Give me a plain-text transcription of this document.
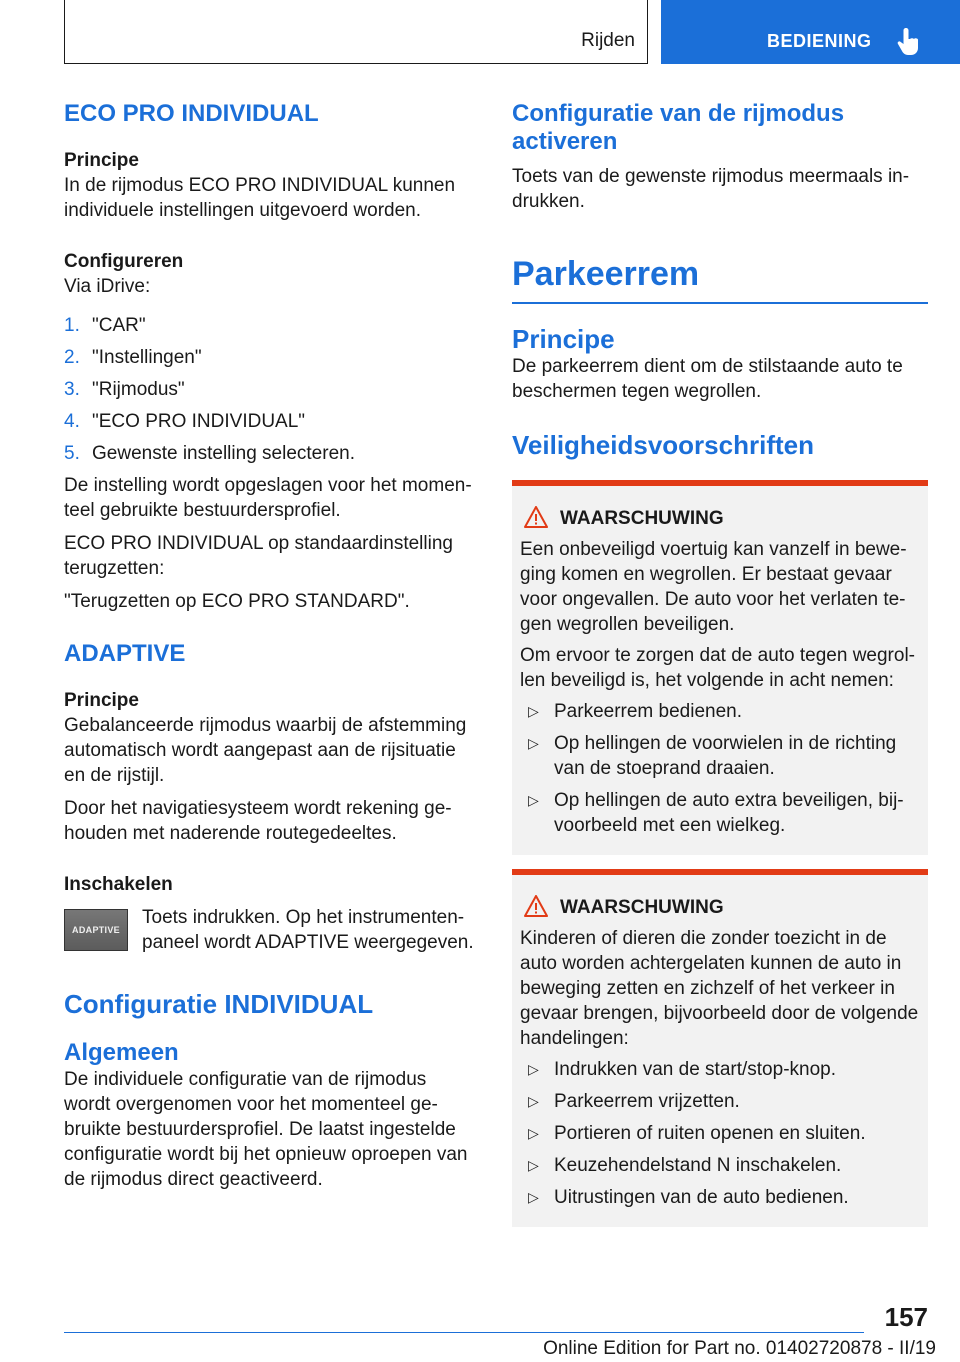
Rijden	BEDIENING
ECO PRO INDIVIDUAL
Principe

In de rijmodus ECO PRO INDIVIDUAL kunnen individuele instellingen uitgevoerd worden.

Configureren

Via iDrive:

1. "CAR"
2. "Instellingen"
3. "Rijmodus"
4. "ECO PRO INDIVIDUAL"
5. Gewenste instelling selecteren.

De instelling wordt opgeslagen voor het momen-teel gebruikte bestuurdersprofiel.

ECO PRO INDIVIDUAL op standaardinstelling terugzetten:

"Terugzetten op ECO PRO STANDARD".

ADAPTIVE
Principe

Gebalanceerde rijmodus waarbij de afstemming automatisch wordt aangepast aan de rijsituatie en de rijstijl.

Door het navigatiesysteem wordt rekening ge-houden met naderende routegedeeltes.

Inschakelen
ADAPTIVE

Toets indrukken. Op het instrumenten-paneel wordt ADAPTIVE weergegeven.

Configuratie INDIVIDUAL
Algemeen

De individuele configuratie van de rijmodus wordt overgenomen voor het momenteel ge-bruikte bestuurdersprofiel. De laatst ingestelde configuratie wordt bij het opnieuw oproepen van de rijmodus direct geactiveerd.

Configuratie van de rijmodus activeren

Toets van de gewenste rijmodus meermaals in-drukken.

Parkeerrem
Principe

De parkeerrem dient om de stilstaande auto te beschermen tegen wegrollen.

Veiligheidsvoorschriften
WAARSCHUWING

Een onbeveiligd voertuig kan vanzelf in bewe-ging komen en wegrollen. Er bestaat gevaar voor ongevallen. De auto voor het verlaten te-gen wegrollen beveiligen.

Om ervoor te zorgen dat de auto tegen wegrol-len beveiligd is, het volgende in acht nemen:

▷ Parkeerrem bedienen.
▷ Op hellingen de voorwielen in de richting van de stoeprand draaien.
▷ Op hellingen de auto extra beveiligen, bij-voorbeeld met een wielkeg.
WAARSCHUWING

Kinderen of dieren die zonder toezicht in de auto worden achtergelaten kunnen de auto in beweging zetten en zichzelf of het verkeer in gevaar brengen, bijvoorbeeld door de volgende handelingen:

▷ Indrukken van de start/stop-knop.
▷ Parkeerrem vrijzetten.
▷ Portieren of ruiten openen en sluiten.
▷ Keuzehendelstand N inschakelen.
▷ Uitrustingen van de auto bedienen.
157
Online Edition for Part no. 01402720878 - II/19
